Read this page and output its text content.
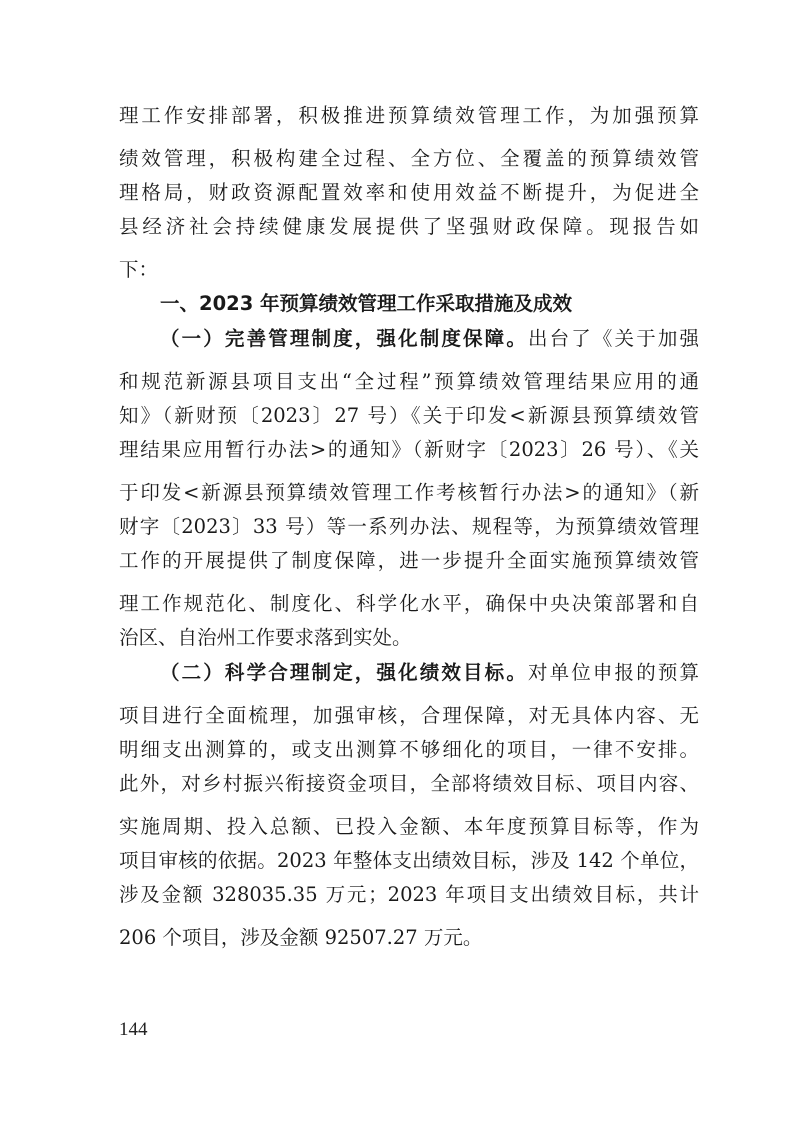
理工作安排部署，积极推进预算绩效管理工作，为加强预算
绩效管理，积极构建全过程、全方位、全覆盖的预算绩效管
理格局，财政资源配置效率和使用效益不断提升，为促进全
县经济社会持续健康发展提供了坚强财政保障。现报告如
下：
一、2023 年预算绩效管理工作采取措施及成效
（一）完善管理制度，强化制度保障。出台了《关于加强
和规范新源县项目支出“全过程”预算绩效管理结果应用的通
知》（新财预〔2023〕27 号）《关于印发<新源县预算绩效管
理结果应用暂行办法>的通知》（新财字〔2023〕26 号）、《关
于印发<新源县预算绩效管理工作考核暂行办法>的通知》（新
财字〔2023〕33 号）等一系列办法、规程等，为预算绩效管理
工作的开展提供了制度保障，进一步提升全面实施预算绩效管
理工作规范化、制度化、科学化水平，确保中央决策部署和自
治区、自治州工作要求落到实处。
（二）科学合理制定，强化绩效目标。对单位申报的预算
项目进行全面梳理，加强审核，合理保障，对无具体内容、无
明细支出测算的，或支出测算不够细化的项目，一律不安排。
此外，对乡村振兴衔接资金项目，全部将绩效目标、项目内容、
实施周期、投入总额、已投入金额、本年度预算目标等，作为
项目审核的依据。2023 年整体支出绩效目标，涉及 142 个单位，
涉及金额 328035.35 万元；2023 年项目支出绩效目标，共计
206 个项目，涉及金额 92507.27 万元。
144
